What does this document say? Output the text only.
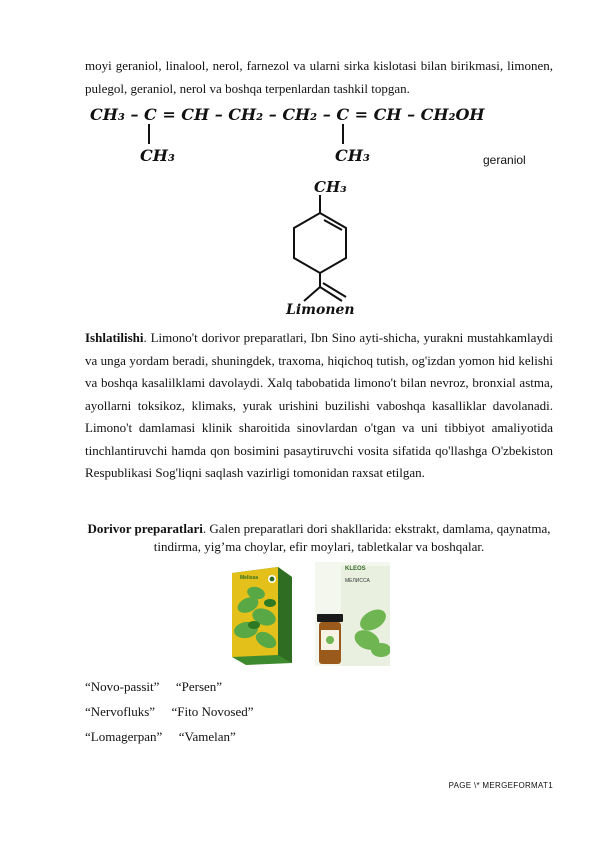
moyi geraniol, linalool, nerol, farnezol va ularni sirka kislotasi bilan birikmasi, limonen, pulegol, geraniol, nerol va boshqa terpenlardan tashkil topgan.
CH₃ – C = CH – CH₂ – CH₂ – C = CH – CH₂OH
CH₃	CH₃	geraniol
CH₃
Limonen
Ishlatilishi. Limono't dorivor preparatlari, Ibn Sino ayti-shicha, yurakni mustahkamlaydi va unga yordam beradi, shuningdek, traxoma, hiqichoq tutish, og'izdan yomon hid kelishi va boshqa kasalilklami davolaydi. Xalq tabobatida limono't bilan nevroz, bronxial astma, ayollarni toksikoz, klimaks, yurak urishini buzilishi vaboshqa kasalliklar davolanadi. Limono't damlamasi klinik sharoitida sinovlardan o'tgan va uni tibbiyot amaliyotida tinchlantiruvchi hamda qon bosimini pasaytiruvchi vosita sifatida qo'llashga O'zbekiston Respublikasi Sog'liqni saqlash vazirligi tomonidan raxsat etilgan.
Dorivor preparatlari. Galen preparatlari dori shakllarida: ekstrakt, damlama, qaynatma, tindirma, yig’ma choylar, efir moylari, tabletkalar va boshqalar.
Melissa
KLEOS
МЕЛИССА
“Novo-passit” “Persen”
“Nervofluks” “Fito Novosed”
“Lomagerpan” “Vamelan”
PAGE \* MERGEFORMAT1
